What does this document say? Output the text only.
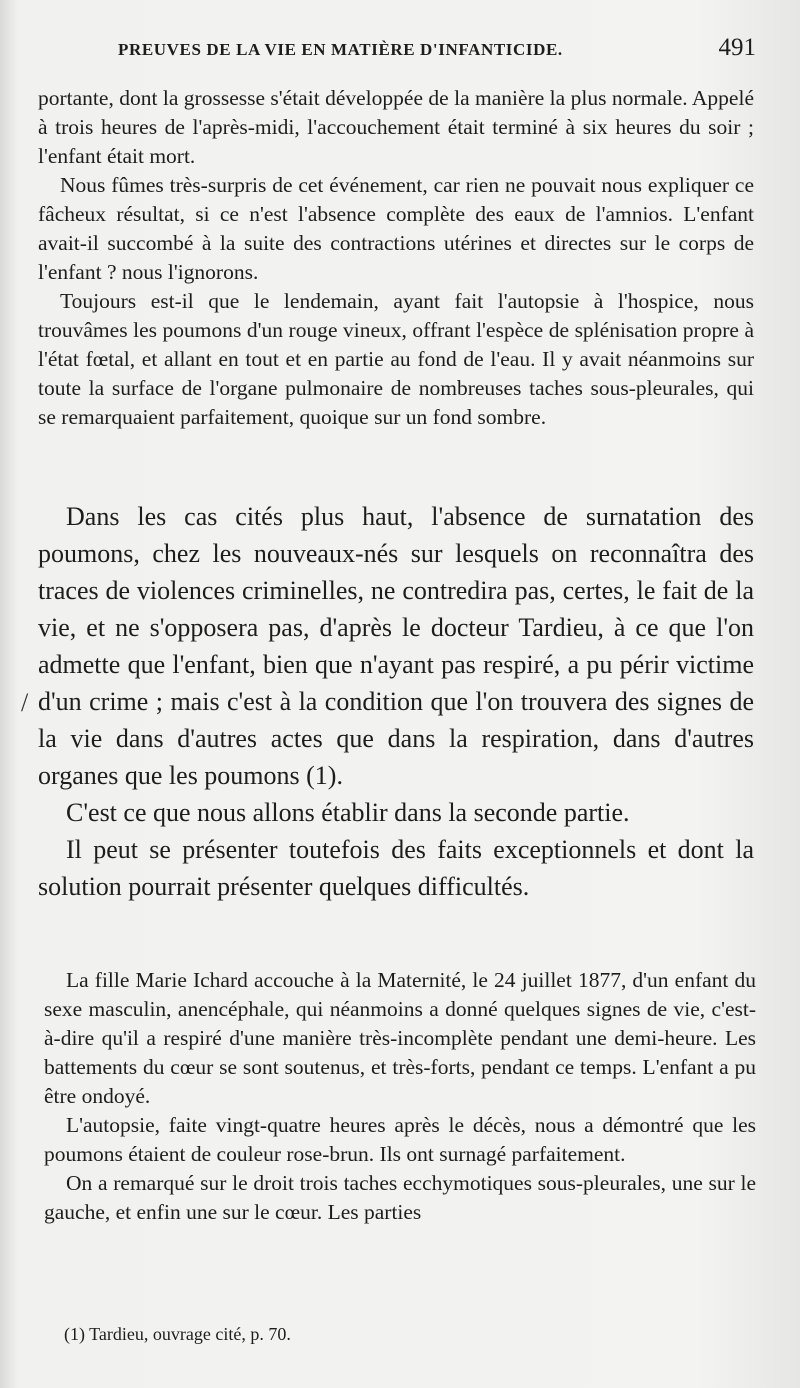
PREUVES DE LA VIE EN MATIÈRE D'INFANTICIDE.	491

portante, dont la grossesse s'était développée de la manière la plus normale. Appelé à trois heures de l'après-midi, l'accouchement était terminé à six heures du soir ; l'enfant était mort.

Nous fûmes très-surpris de cet événement, car rien ne pouvait nous expliquer ce fâcheux résultat, si ce n'est l'absence complète des eaux de l'amnios. L'enfant avait-il succombé à la suite des contractions utérines et directes sur le corps de l'enfant ? nous l'ignorons.

Toujours est-il que le lendemain, ayant fait l'autopsie à l'hospice, nous trouvâmes les poumons d'un rouge vineux, offrant l'espèce de splénisation propre à l'état fœtal, et allant en tout et en partie au fond de l'eau. Il y avait néanmoins sur toute la surface de l'organe pulmonaire de nombreuses taches sous-pleurales, qui se remarquaient parfaitement, quoique sur un fond sombre.

Dans les cas cités plus haut, l'absence de surnatation des poumons, chez les nouveaux-nés sur lesquels on reconnaîtra des traces de violences criminelles, ne contredira pas, certes, le fait de la vie, et ne s'opposera pas, d'après le docteur Tardieu, à ce que l'on admette que l'enfant, bien que n'ayant pas respiré, a pu périr victime d'un crime ; mais c'est à la condition que l'on trouvera des signes de la vie dans d'autres actes que dans la respiration, dans d'autres organes que les poumons (1).

C'est ce que nous allons établir dans la seconde partie.

Il peut se présenter toutefois des faits exceptionnels et dont la solution pourrait présenter quelques difficultés.

/

La fille Marie Ichard accouche à la Maternité, le 24 juillet 1877, d'un enfant du sexe masculin, anencéphale, qui néanmoins a donné quelques signes de vie, c'est-à-dire qu'il a respiré d'une manière très-incomplète pendant une demi-heure. Les battements du cœur se sont soutenus, et très-forts, pendant ce temps. L'enfant a pu être ondoyé.

L'autopsie, faite vingt-quatre heures après le décès, nous a démontré que les poumons étaient de couleur rose-brun. Ils ont surnagé parfaitement.

On a remarqué sur le droit trois taches ecchymotiques sous-pleurales, une sur le gauche, et enfin une sur le cœur. Les parties

(1) Tardieu, ouvrage cité, p. 70.
